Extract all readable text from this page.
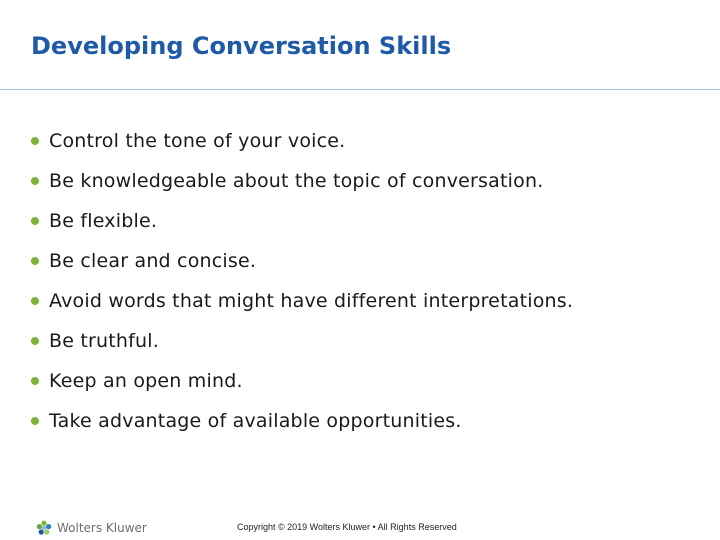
Developing Conversation Skills
Control the tone of your voice.
Be knowledgeable about the topic of conversation.
Be flexible.
Be clear and concise.
Avoid words that might have different interpretations.
Be truthful.
Keep an open mind.
Take advantage of available opportunities.
Wolters Kluwer	Copyright © 2019 Wolters Kluwer • All Rights Reserved
